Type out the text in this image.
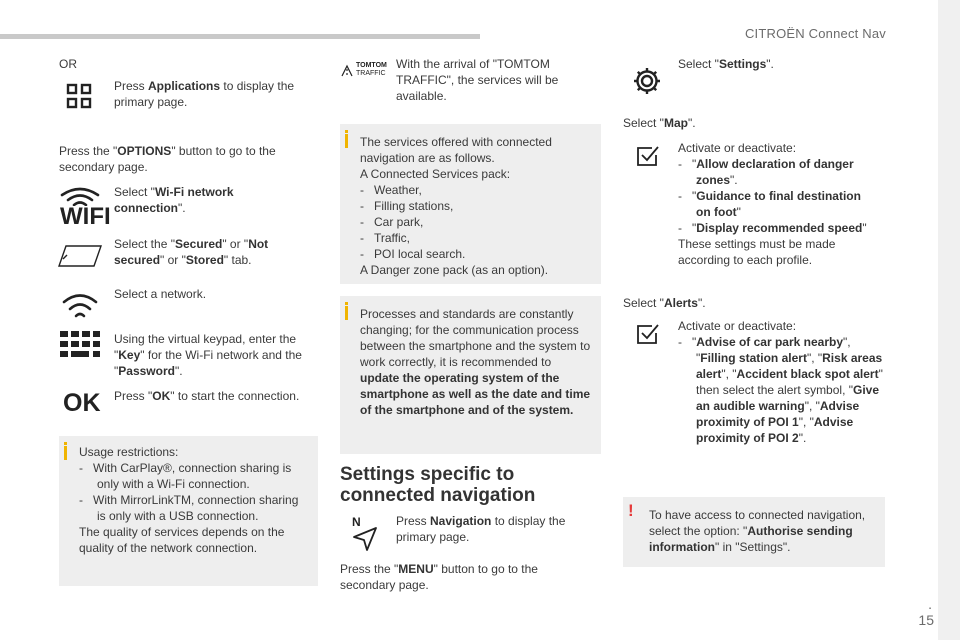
CITROËN Connect Nav
.
15
OR

Press Applications to display the primary page.

Press the "OPTIONS" button to go to the secondary page.

WIFI

Select "Wi-Fi network connection".

Select the "Secured" or "Not secured" or "Stored" tab.

Select a network.

Using the virtual keypad, enter the "Key" for the Wi-Fi network and the "Password".

OK Press "OK" to start the connection.

Usage restrictions:
-   With CarPlay®, connection sharing is only with a Wi-Fi connection.
-   With MirrorLinkTM, connection sharing is only with a USB connection.
The quality of services depends on the quality of the network connection.
TOMTOM
TRAFFIC

With the arrival of "TOMTOM TRAFFIC", the services will be available.

The services offered with connected navigation are as follows.
A Connected Services pack:
-   Weather,
-   Filling stations,
-   Car park,
-   Traffic,
-   POI local search.
A Danger zone pack (as an option).
Processes and standards are constantly changing; for the communication process between the smartphone and the system to work correctly, it is recommended to update the operating system of the smartphone as well as the date and time of the smartphone and of the system.
Settings specific to connected navigation
N	Press Navigation to display the primary page.

Press the "MENU" button to go to the secondary page.

Select "Settings".

Select "Map".

Activate or deactivate:
-   "Allow declaration of danger zones".
-   "Guidance to final destination on foot"
-   "Display recommended speed"
These settings must be made according to each profile.

Select "Alerts".

Activate or deactivate:
-   "Advise of car park nearby", "Filling station alert", "Risk areas alert", "Accident black spot alert" then select the alert symbol, "Give an audible warning", "Advise proximity of POI 1", "Advise proximity of POI 2".
! To have access to connected navigation, select the option: "Authorise sending information" in "Settings".
